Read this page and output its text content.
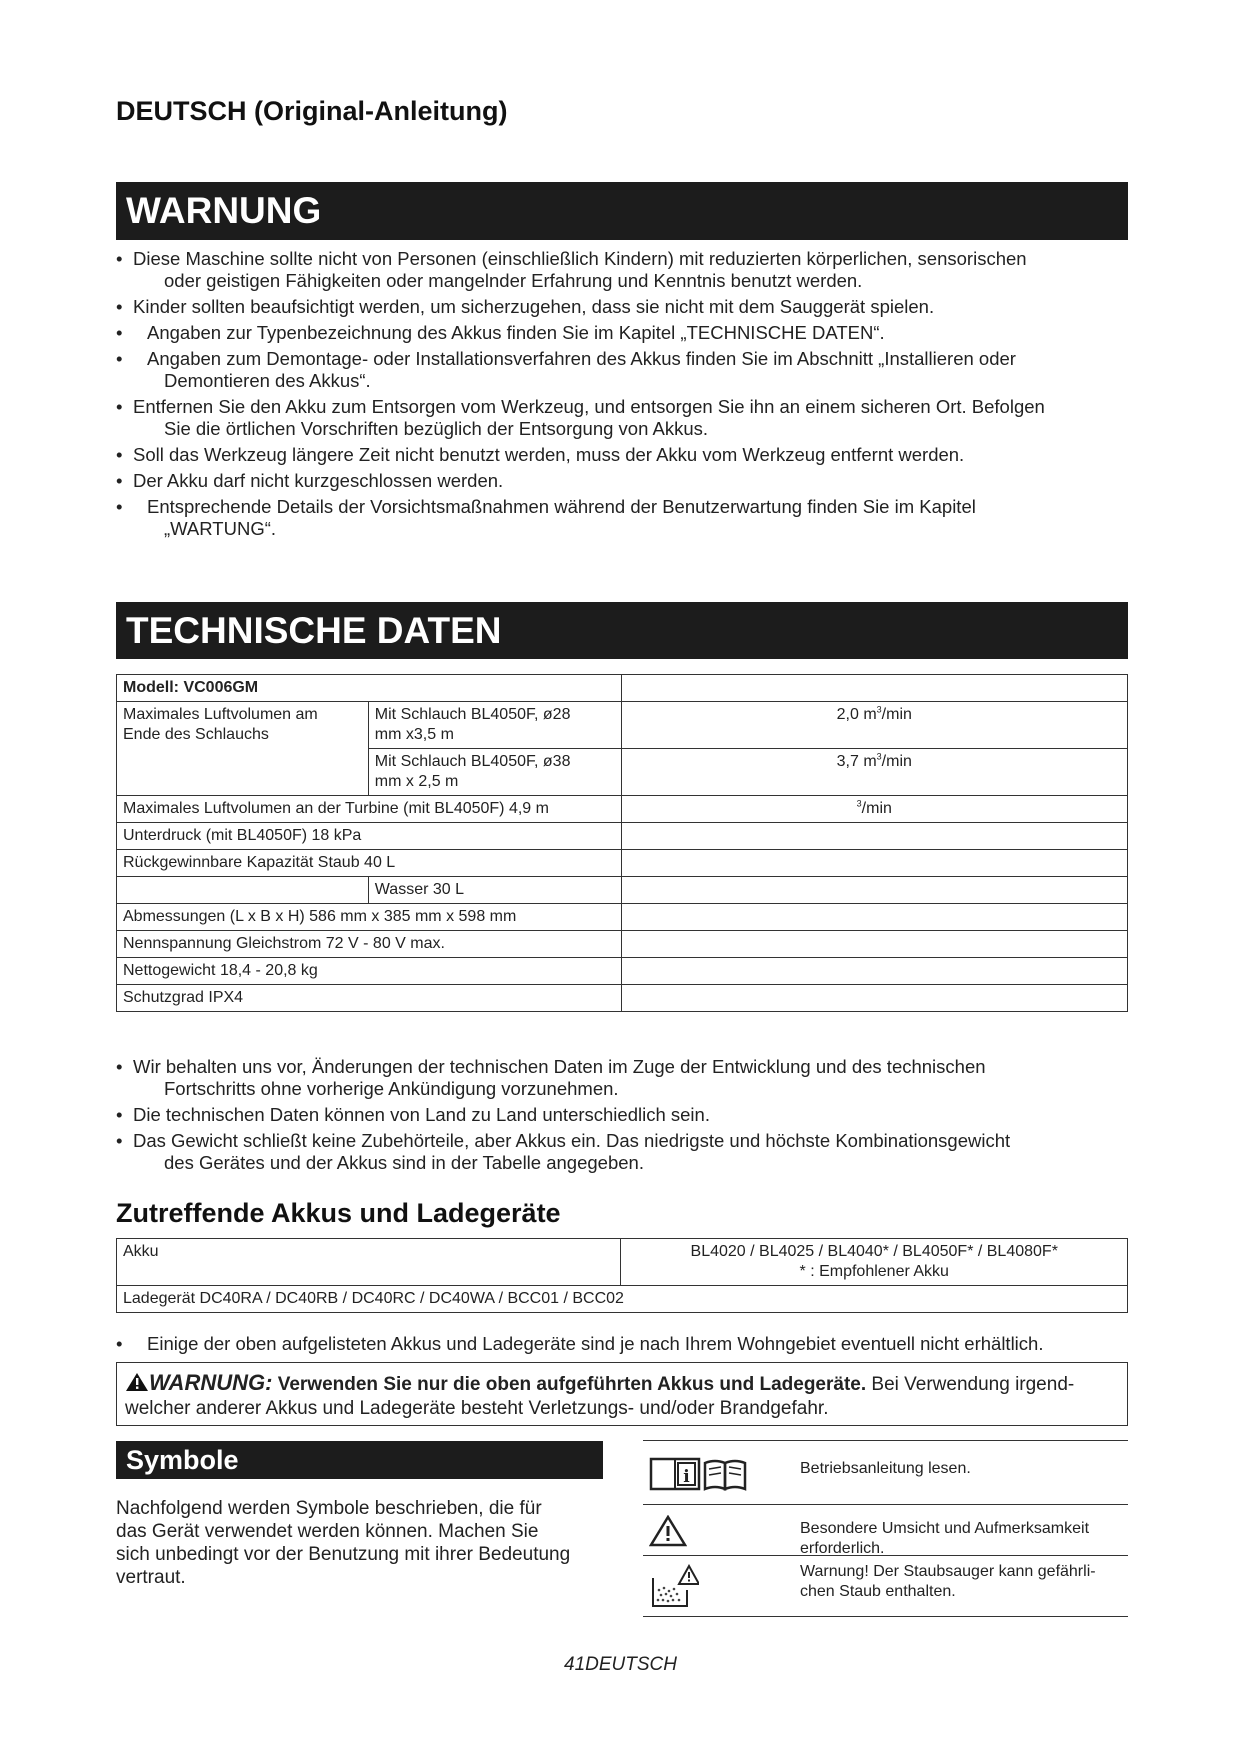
DEUTSCH (Original-Anleitung)
WARNUNG
• Diese Maschine sollte nicht von Personen (einschließlich Kindern) mit reduzierten körperlichen, sensorischen
oder geistigen Fähigkeiten oder mangelnder Erfahrung und Kenntnis benutzt werden.
• Kinder sollten beaufsichtigt werden, um sicherzugehen, dass sie nicht mit dem Sauggerät spielen.
• Angaben zur Typenbezeichnung des Akkus finden Sie im Kapitel „TECHNISCHE DATEN“.
• Angaben zum Demontage- oder Installationsverfahren des Akkus finden Sie im Abschnitt „Installieren oder
Demontieren des Akkus“.
• Entfernen Sie den Akku zum Entsorgen vom Werkzeug, und entsorgen Sie ihn an einem sicheren Ort. Befolgen
Sie die örtlichen Vorschriften bezüglich der Entsorgung von Akkus.
• Soll das Werkzeug längere Zeit nicht benutzt werden, muss der Akku vom Werkzeug entfernt werden.
• Der Akku darf nicht kurzgeschlossen werden.
• Entsprechende Details der Vorsichtsmaßnahmen während der Benutzerwartung finden Sie im Kapitel
„WARTUNG“.
TECHNISCHE DATEN
Modell: VC006GM		
Maximales Luftvolumen am
Ende des Schlauchs	Mit Schlauch BL4050F, ø28
mm x3,5 m	2,0 $m^3/\min$
	Mit Schlauch BL4050F, ø38
mm x 2,5 m	3,7 $m^3/\min$
Maximales Luftvolumen an der Turbine (mit BL4050F) 4,9 m		$^3$/min
Unterdruck (mit BL4050F) 18 kPa		
Rückgewinnbare Kapazität Staub 40 L		
	Wasser 30 L	
Abmessungen (L x B x H) 586 mm x 385 mm x 598 mm		
Nennspannung Gleichstrom 72 V - 80 V max.		
Nettogewicht 18,4 - 20,8 kg		
Schutzgrad IPX4		
• Wir behalten uns vor, Änderungen der technischen Daten im Zuge der Entwicklung und des technischen
Fortschritts ohne vorherige Ankündigung vorzunehmen.
• Die technischen Daten können von Land zu Land unterschiedlich sein.
• Das Gewicht schließt keine Zubehörteile, aber Akkus ein. Das niedrigste und höchste Kombinationsgewicht
des Gerätes und der Akkus sind in der Tabelle angegeben.
Zutreffende Akkus und Ladegeräte
Akku	BL4020 / BL4025 / BL4040* / BL4050F* / BL4080F*
* : Empfohlener Akku
Ladegerät DC40RA / DC40RB / DC40RC / DC40WA / BCC01 / BCC02
• Einige der oben aufgelisteten Akkus und Ladegeräte sind je nach Ihrem Wohngebiet eventuell nicht erhältlich.
WARNUNG: Verwenden Sie nur die oben aufgeführten Akkus und Ladegeräte. Bei Verwendung irgend-
welcher anderer Akkus und Ladegeräte besteht Verletzungs- und/oder Brandgefahr.
Symbole
Nachfolgend werden Symbole beschrieben, die für
das Gerät verwendet werden können. Machen Sie
sich unbedingt vor der Benutzung mit ihrer Bedeutung
vertraut.
i	Betriebsanleitung lesen.
Besondere Umsicht und Aufmerksamkeit
erforderlich.
Warnung! Der Staubsauger kann gefährli-
chen Staub enthalten.
41DEUTSCH
